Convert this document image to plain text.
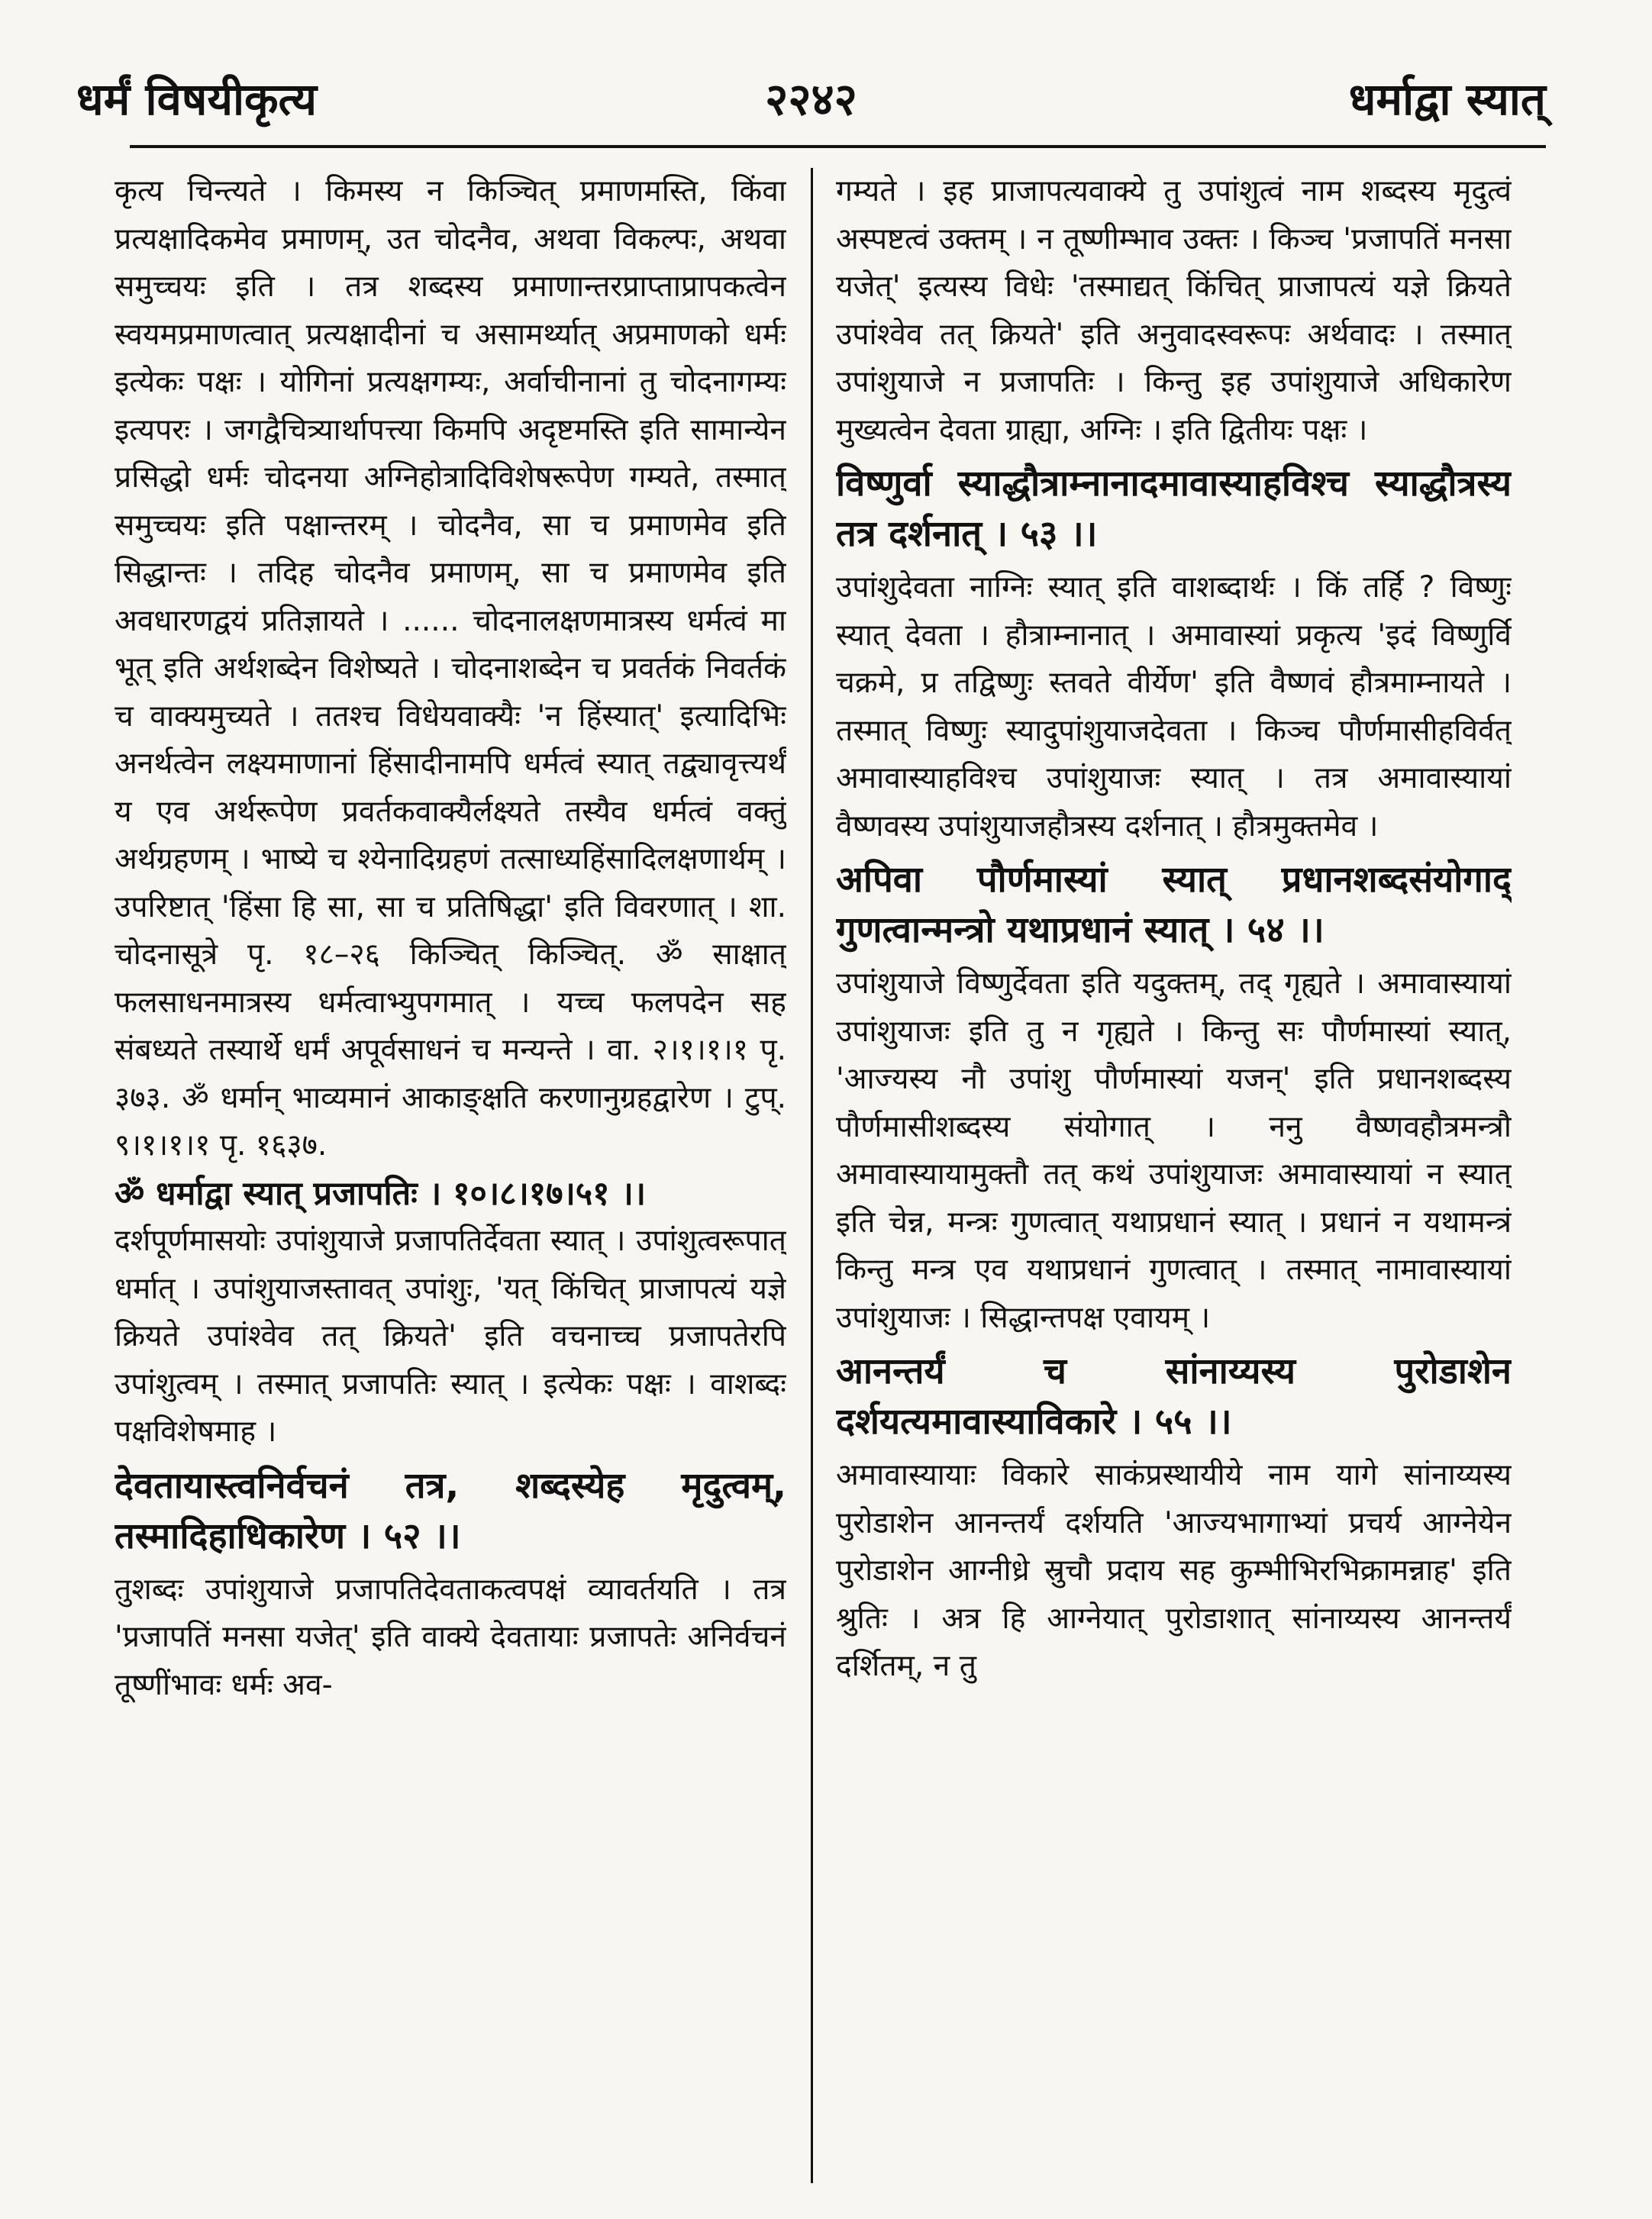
धर्मं विषयीकृत्य	२२४२	धर्माद्वा स्यात्

कृत्य चिन्त्यते । किमस्य न किञ्चित् प्रमाणमस्ति, किंवा प्रत्यक्षादिकमेव प्रमाणम्, उत चोदनैव, अथवा विकल्पः, अथवा समुच्चयः इति । तत्र शब्दस्य प्रमाणान्तरप्राप्ताप्रापकत्वेन स्वयमप्रमाणत्वात् प्रत्यक्षादीनां च असामर्थ्यात् अप्रमाणको धर्मः इत्येकः पक्षः । योगिनां प्रत्यक्षगम्यः, अर्वाचीनानां तु चोदनागम्यः इत्यपरः । जगद्वैचित्र्यार्थापत्त्या किमपि अदृष्टमस्ति इति सामान्येन प्रसिद्धो धर्मः चोदनया अग्निहोत्रादिविशेषरूपेण गम्यते, तस्मात् समुच्चयः इति पक्षान्तरम् । चोदनैव, सा च प्रमाणमेव इति सिद्धान्तः । तदिह चोदनैव प्रमाणम्, सा च प्रमाणमेव इति अवधारणद्वयं प्रतिज्ञायते । ...... चोदनालक्षणमात्रस्य धर्मत्वं मा भूत् इति अर्थशब्देन विशेष्यते । चोदनाशब्देन च प्रवर्तकं निवर्तकं च वाक्यमुच्यते । ततश्च विधेयवाक्यैः 'न हिंस्यात्' इत्यादिभिः अनर्थत्वेन लक्ष्यमाणानां हिंसादीनामपि धर्मत्वं स्यात् तद्व्यावृत्त्यर्थं य एव अर्थरूपेण प्रवर्तकवाक्यैर्लक्ष्यते तस्यैव धर्मत्वं वक्तुं अर्थग्रहणम् । भाष्ये च श्येनादिग्रहणं तत्साध्यहिंसादिलक्षणार्थम् । उपरिष्टात् 'हिंसा हि सा, सा च प्रतिषिद्धा' इति विवरणात् । शा. चोदनासूत्रे पृ. १८–२६ किञ्चित् किञ्चित्. ॐ साक्षात् फलसाधनमात्रस्य धर्मत्वाभ्युपगमात् । यच्च फलपदेन सह संबध्यते तस्यार्थे धर्मं अपूर्वसाधनं च मन्यन्ते । वा. २।१।१।१ पृ. ३७३. ॐ धर्मान् भाव्यमानं आकाङ्क्षति करणानुग्रहद्वारेण । टुप्. ९।१।१।१ पृ. १६३७.

ॐ धर्माद्वा स्यात् प्रजापतिः । १०।८।१७।५१ ।।

दर्शपूर्णमासयोः उपांशुयाजे प्रजापतिर्देवता स्यात् । उपांशुत्वरूपात् धर्मात् । उपांशुयाजस्तावत् उपांशुः, 'यत् किंचित् प्राजापत्यं यज्ञे क्रियते उपांश्वेव तत् क्रियते' इति वचनाच्च प्रजापतेरपि उपांशुत्वम् । तस्मात् प्रजापतिः स्यात् । इत्येकः पक्षः । वाशब्दः पक्षविशेषमाह ।

देवतायास्त्वनिर्वचनं तत्र, शब्दस्येह मृदुत्वम्, तस्मादिहाधिकारेण । ५२ ।।

तुशब्दः उपांशुयाजे प्रजापतिदेवताकत्वपक्षं व्यावर्तयति । तत्र 'प्रजापतिं मनसा यजेत्' इति वाक्ये देवतायाः प्रजापतेः अनिर्वचनं तूष्णींभावः धर्मः अव-

गम्यते । इह प्राजापत्यवाक्ये तु उपांशुत्वं नाम शब्दस्य मृदुत्वं अस्पष्टत्वं उक्तम् । न तूष्णीम्भाव उक्तः । किञ्च 'प्रजापतिं मनसा यजेत्' इत्यस्य विधेः 'तस्माद्यत् किंचित् प्राजापत्यं यज्ञे क्रियते उपांश्वेव तत् क्रियते' इति अनुवादस्वरूपः अर्थवादः । तस्मात् उपांशुयाजे न प्रजापतिः । किन्तु इह उपांशुयाजे अधिकारेण मुख्यत्वेन देवता ग्राह्या, अग्निः । इति द्वितीयः पक्षः ।

विष्णुर्वा स्याद्धौत्राम्नानादमावास्याहविश्च स्याद्धौत्रस्य तत्र दर्शनात् । ५३ ।।

उपांशुदेवता नाग्निः स्यात् इति वाशब्दार्थः । किं तर्हि ? विष्णुः स्यात् देवता । हौत्राम्नानात् । अमावास्यां प्रकृत्य 'इदं विष्णुर्वि चक्रमे, प्र तद्विष्णुः स्तवते वीर्येण' इति वैष्णवं हौत्रमाम्नायते । तस्मात् विष्णुः स्यादुपांशुयाजदेवता । किञ्च पौर्णमासीहविर्वत् अमावास्याहविश्च उपांशुयाजः स्यात् । तत्र अमावास्यायां वैष्णवस्य उपांशुयाजहौत्रस्य दर्शनात् । हौत्रमुक्तमेव ।

अपिवा पौर्णमास्यां स्यात् प्रधानशब्दसंयोगाद् गुणत्वान्मन्त्रो यथाप्रधानं स्यात् । ५४ ।।

उपांशुयाजे विष्णुर्देवता इति यदुक्तम्, तद् गृह्यते । अमावास्यायां उपांशुयाजः इति तु न गृह्यते । किन्तु सः पौर्णमास्यां स्यात्, 'आज्यस्य नौ उपांशु पौर्णमास्यां यजन्' इति प्रधानशब्दस्य पौर्णमासीशब्दस्य संयोगात् । ननु वैष्णवहौत्रमन्त्रौ अमावास्यायामुक्तौ तत् कथं उपांशुयाजः अमावास्यायां न स्यात् इति चेन्न, मन्त्रः गुणत्वात् यथाप्रधानं स्यात् । प्रधानं न यथामन्त्रं किन्तु मन्त्र एव यथाप्रधानं गुणत्वात् । तस्मात् नामावास्यायां उपांशुयाजः । सिद्धान्तपक्ष एवायम् ।

आनन्तर्यं च सांनाय्यस्य पुरोडाशेन दर्शयत्यमावास्याविकारे । ५५ ।।

अमावास्यायाः विकारे साकंप्रस्थायीये नाम यागे सांनाय्यस्य पुरोडाशेन आनन्तर्यं दर्शयति 'आज्यभागाभ्यां प्रचर्य आग्नेयेन पुरोडाशेन आग्नीध्रे स्रुचौ प्रदाय सह कुम्भीभिरभिक्रामन्नाह' इति श्रुतिः । अत्र हि आग्नेयात् पुरोडाशात् सांनाय्यस्य आनन्तर्यं दर्शितम्, न तु
